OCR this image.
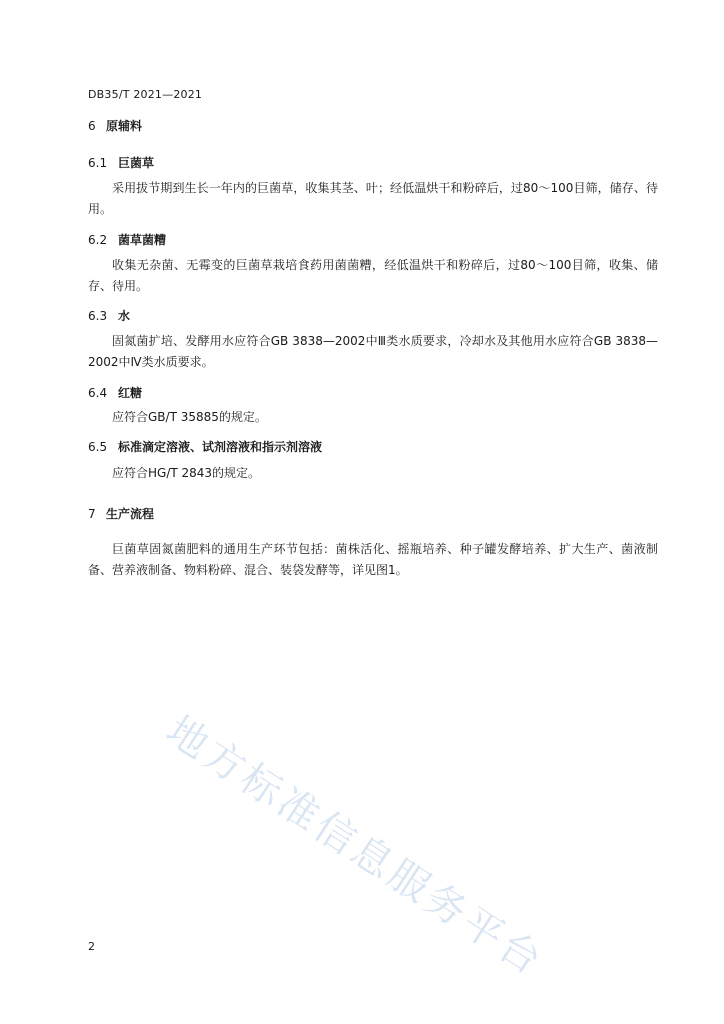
DB35/T 2021—2021
6 原辅料
6.1 巨菌草

采用拔节期到生长一年内的巨菌草，收集其茎、叶；经低温烘干和粉碎后，过80～100目筛，储存、待用。

6.2 菌草菌糟

收集无杂菌、无霉变的巨菌草栽培食药用菌菌糟，经低温烘干和粉碎后，过80～100目筛，收集、储存、待用。

6.3 水

固氮菌扩培、发酵用水应符合GB 3838—2002中Ⅲ类水质要求，冷却水及其他用水应符合GB 3838—2002中Ⅳ类水质要求。

6.4 红糖

应符合GB/T 35885的规定。

6.5 标准滴定溶液、试剂溶液和指示剂溶液

应符合HG/T 2843的规定。

7 生产流程

巨菌草固氮菌肥料的通用生产环节包括：菌株活化、摇瓶培养、种子罐发酵培养、扩大生产、菌液制备、营养液制备、物料粉碎、混合、装袋发酵等，详见图1。

地方标准信息服务平台
2
